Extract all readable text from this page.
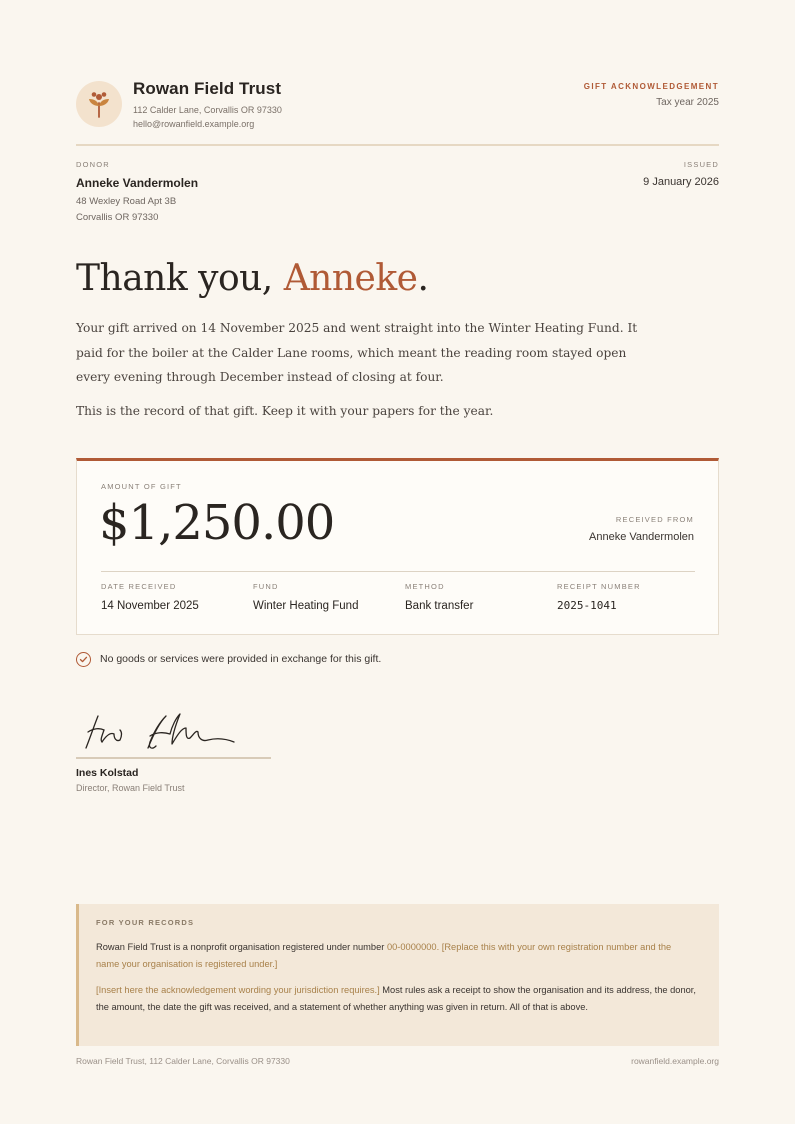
Rowan Field Trust
112 Calder Lane, Corvallis OR 97330
hello@rowanfield.example.org
GIFT ACKNOWLEDGEMENT
Tax year 2025
DONOR
Anneke Vandermolen
48 Wexley Road Apt 3B
Corvallis OR 97330
ISSUED
9 January 2026
Thank you, Anneke.

Your gift arrived on 14 November 2025 and went straight into the Winter Heating Fund. It paid for the boiler at the Calder Lane rooms, which meant the reading room stayed open every evening through December instead of closing at four.

This is the record of that gift. Keep it with your papers for the year.

AMOUNT OF GIFT
$1,250.00	RECEIVED FROM
Anneke Vandermolen
DATE RECEIVED
14 November 2025
FUND
Winter Heating Fund
METHOD
Bank transfer
RECEIPT NUMBER
2025-1041
No goods or services were provided in exchange for this gift.
Ines Kolstad
Director, Rowan Field Trust
FOR YOUR RECORDS

Rowan Field Trust is a nonprofit organisation registered under number 00-0000000. [Replace this with your own registration number and the name your organisation is registered under.]

[Insert here the acknowledgement wording your jurisdiction requires.] Most rules ask a receipt to show the organisation and its address, the donor, the amount, the date the gift was received, and a statement of whether anything was given in return. All of that is above.

Rowan Field Trust, 112 Calder Lane, Corvallis OR 97330	rowanfield.example.org
